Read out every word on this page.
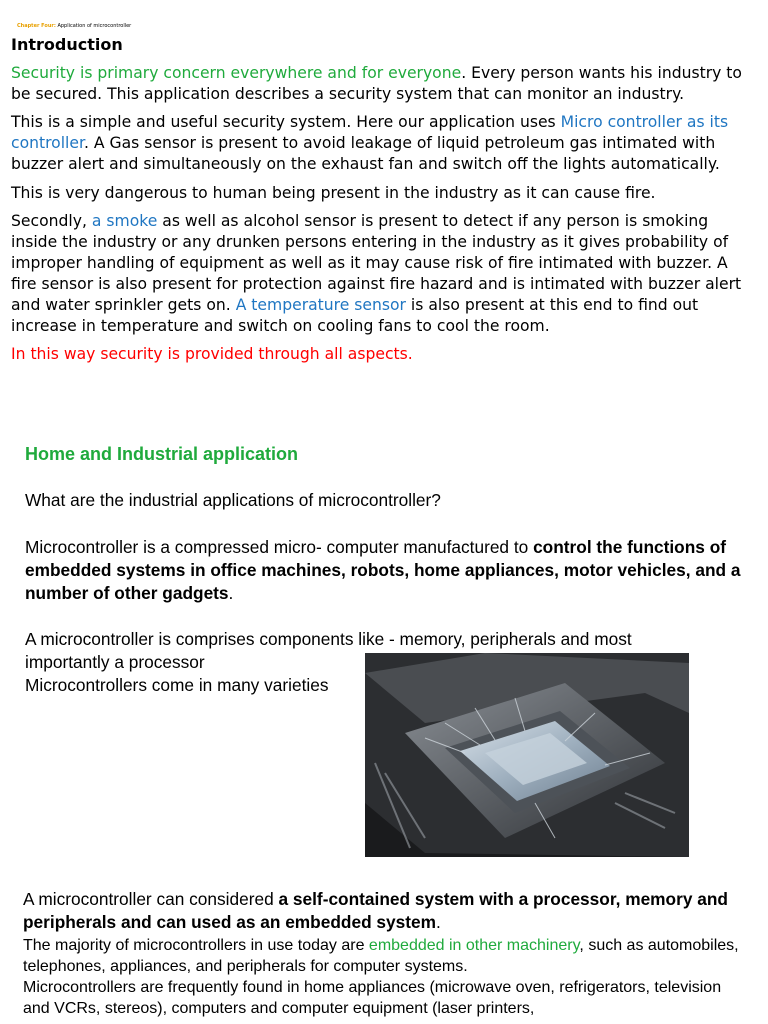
Chapter Four: Application of microcontroller
Introduction
Security is primary concern everywhere and for everyone. Every person wants his industry to be secured. This application describes a security system that can monitor an industry.
This is a simple and useful security system. Here our application uses Micro controller as its controller. A Gas sensor is present to avoid leakage of liquid petroleum gas intimated with buzzer alert and simultaneously on the exhaust fan and switch off the lights automatically.
This is very dangerous to human being present in the industry as it can cause fire.
Secondly, a smoke as well as alcohol sensor is present to detect if any person is smoking inside the industry or any drunken persons entering in the industry as it gives probability of improper handling of equipment as well as it may cause risk of fire intimated with buzzer. A fire sensor is also present for protection against fire hazard and is intimated with buzzer alert and water sprinkler gets on. A temperature sensor is also present at this end to find out increase in temperature and switch on cooling fans to cool the room.
In this way security is provided through all aspects.
Home and Industrial application
What are the industrial applications of microcontroller?
Microcontroller is a compressed micro- computer manufactured to control the functions of embedded systems in office machines, robots, home appliances, motor vehicles, and a number of other gadgets.
A microcontroller is comprises components like - memory, peripherals and most
importantly a processor
Microcontrollers come in many varieties
A microcontroller can considered a self-contained system with a processor, memory and peripherals and can used as an embedded system.
The majority of microcontrollers in use today are embedded in other machinery, such as automobiles, telephones, appliances, and peripherals for computer systems.
Microcontrollers are frequently found in home appliances (microwave oven, refrigerators, television and VCRs, stereos), computers and computer equipment (laser printers,
